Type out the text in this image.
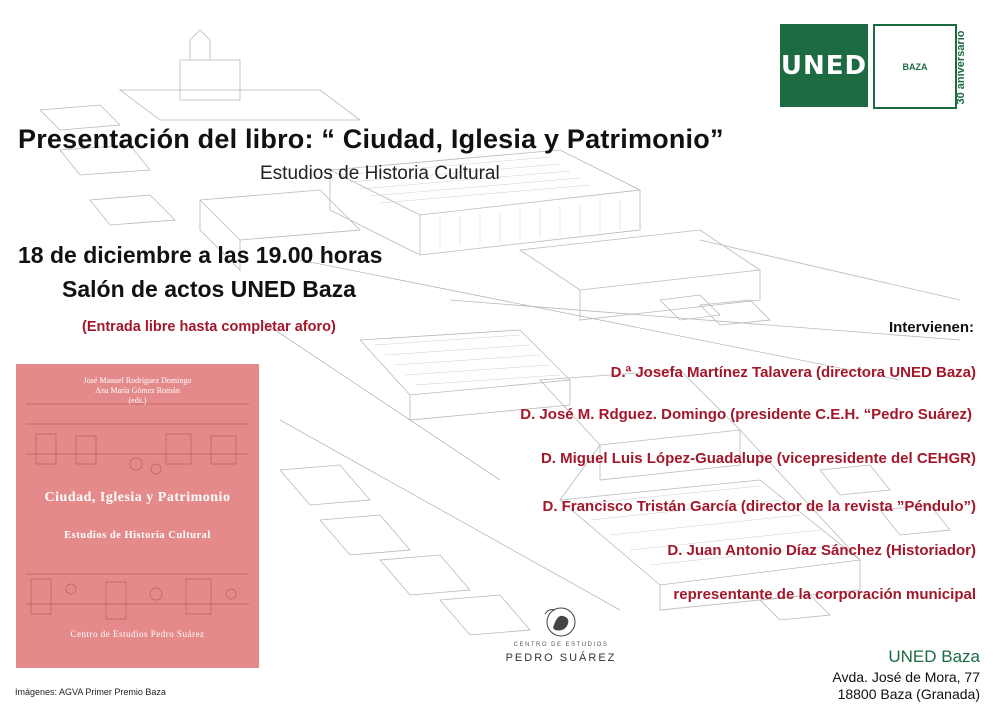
UNED	BAZA	30 aniversario
Presentación del libro: “ Ciudad, Iglesia y Patrimonio”
Estudios de Historia Cultural
18 de diciembre a las 19.00 horas
Salón de actos UNED Baza
(Entrada libre hasta completar aforo)	Intervienen:
D.ª Josefa Martínez Talavera (directora UNED Baza)
D. José M. Rdguez. Domingo (presidente C.E.H. “Pedro Suárez)
D. Miguel Luis López-Guadalupe (vicepresidente del CEHGR)
D. Francisco Tristán García (director de la revista ”Péndulo”)
D. Juan Antonio Díaz Sánchez (Historiador)
representante de la corporación municipal
José Manuel Rodríguez Domingo
Ana María Gómez Román
(eds.)
Ciudad, Iglesia y Patrimonio
Estudios de Historia Cultural
Centro de Estudios Pedro Suárez
Imágenes: AGVA Primer Premio Baza
CENTRO DE ESTUDIOS
PEDRO SUÁREZ	UNED Baza
Avda. José de Mora, 77
18800 Baza (Granada)
